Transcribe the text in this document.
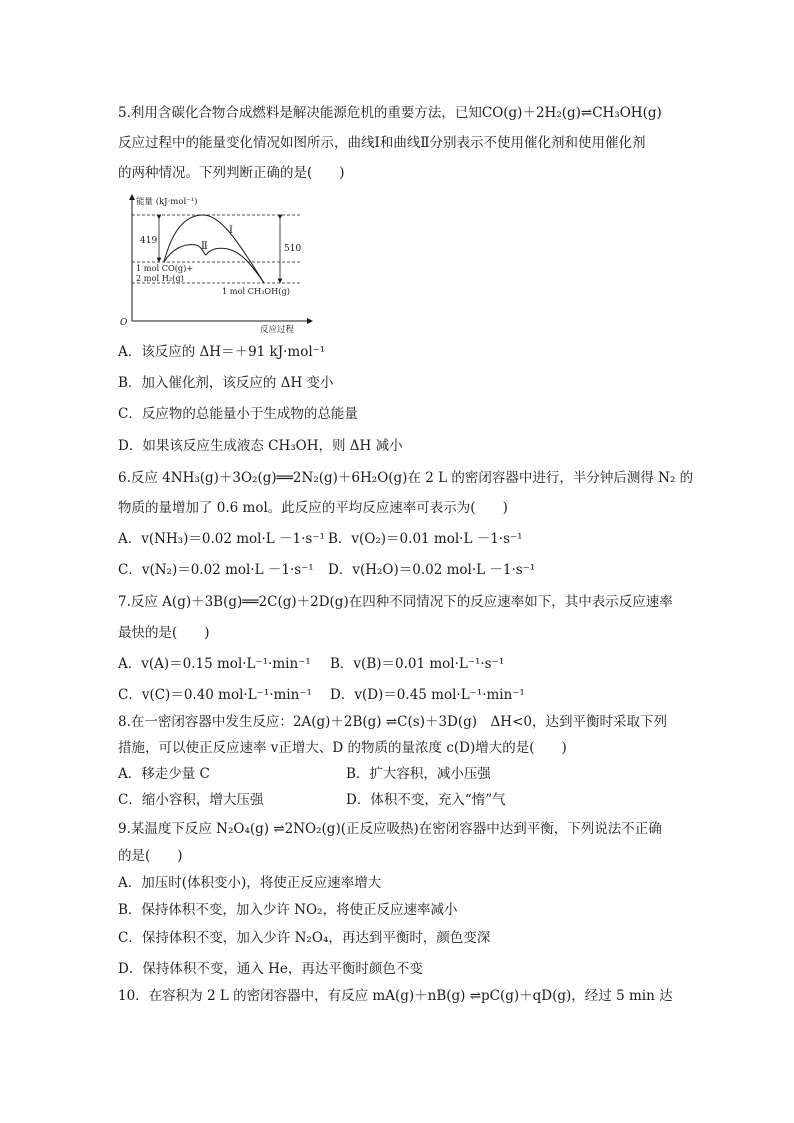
5.利用含碳化合物合成燃料是解决能源危机的重要方法，已知CO(g)＋2H₂(g)⇌CH₃OH(g)
反应过程中的能量变化情况如图所示，曲线Ⅰ和曲线Ⅱ分别表示不使用催化剂和使用催化剂
的两种情况。下列判断正确的是(　　)
能量 (kJ·mol⁻¹)
反应过程
O
419
510
Ⅰ
Ⅱ
1 mol CO(g)+
2 mol H₂(g)
1 mol CH₃OH(g)
A．该反应的 ΔH＝＋91 kJ·mol⁻¹
B．加入催化剂，该反应的 ΔH 变小
C．反应物的总能量小于生成物的总能量
D．如果该反应生成液态 CH₃OH，则 ΔH 减小
6.反应 4NH₃(g)＋3O₂(g)══2N₂(g)＋6H₂O(g)在 2 L 的密闭容器中进行，半分钟后测得 N₂ 的
物质的量增加了 0.6 mol。此反应的平均反应速率可表示为(　　)
A．v(NH₃)＝0.02 mol·L －1·s⁻¹ B．v(O₂)＝0.01 mol·L －1·s⁻¹
C．v(N₂)＝0.02 mol·L －1·s⁻¹ D．v(H₂O)＝0.02 mol·L －1·s⁻¹
7.反应 A(g)＋3B(g)══2C(g)＋2D(g)在四种不同情况下的反应速率如下，其中表示反应速率
最快的是(　　)
A．v(A)＝0.15 mol·L⁻¹·min⁻¹ B．v(B)＝0.01 mol·L⁻¹·s⁻¹
C．v(C)＝0.40 mol·L⁻¹·min⁻¹ D．v(D)＝0.45 mol·L⁻¹·min⁻¹
8.在一密闭容器中发生反应：2A(g)＋2B(g) ⇌C(s)＋3D(g)　ΔH<0，达到平衡时采取下列
措施，可以使正反应速率 v正增大、D 的物质的量浓度 c(D)增大的是(　　)
A．移走少量 C	B．扩大容积，减小压强
C．缩小容积，增大压强	D．体积不变，充入“惰”气
9.某温度下反应 N₂O₄(g) ⇌2NO₂(g)(正反应吸热)在密闭容器中达到平衡，下列说法不正确
的是(　　)
A．加压时(体积变小)，将使正反应速率增大
B．保持体积不变，加入少许 NO₂，将使正反应速率减小
C．保持体积不变，加入少许 N₂O₄，再达到平衡时，颜色变深
D．保持体积不变，通入 He，再达平衡时颜色不变
10．在容积为 2 L 的密闭容器中，有反应 mA(g)＋nB(g) ⇌pC(g)＋qD(g)，经过 5 min 达
